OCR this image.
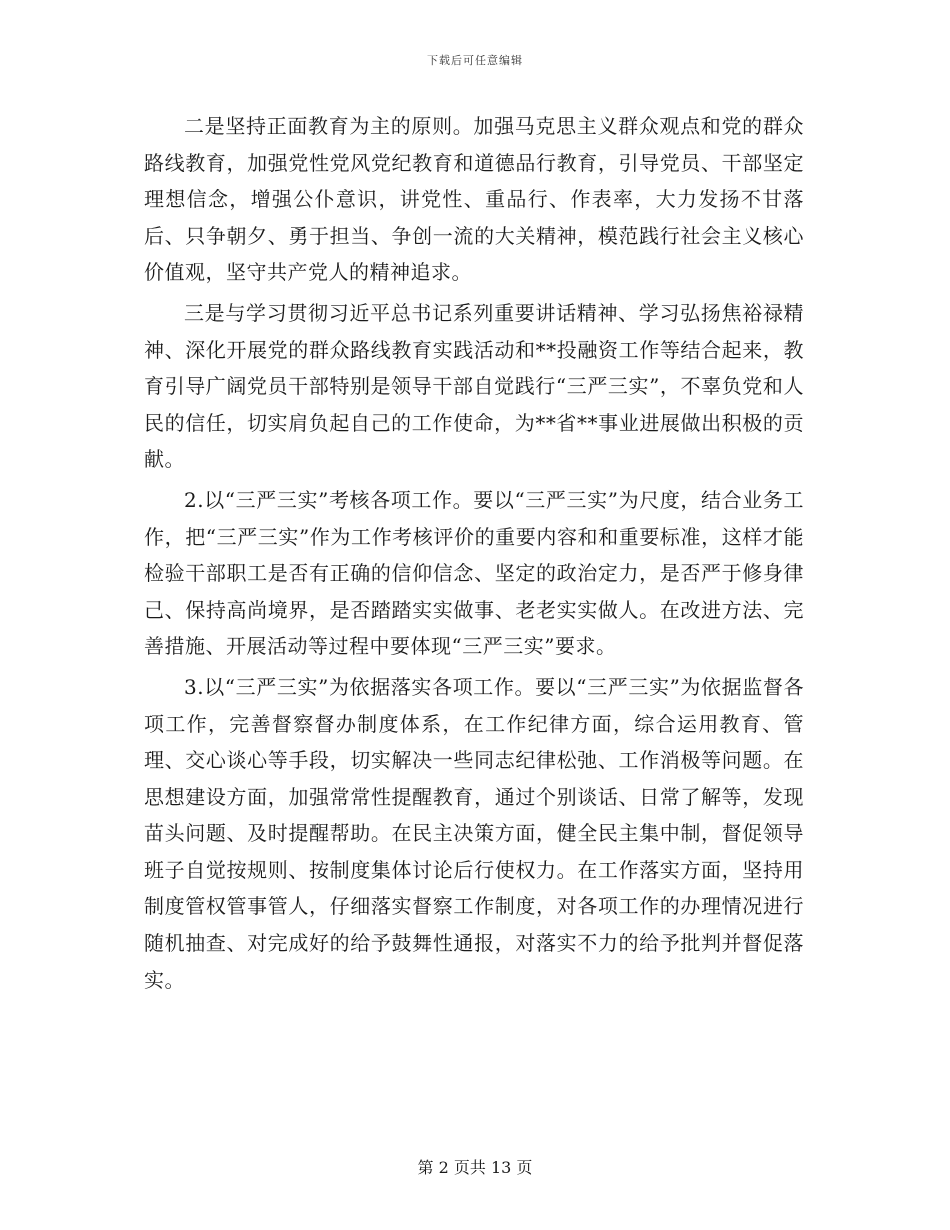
下载后可任意编辑

二是坚持正面教育为主的原则。加强马克思主义群众观点和党的群众路线教育，加强党性党风党纪教育和道德品行教育，引导党员、干部坚定理想信念，增强公仆意识，讲党性、重品行、作表率，大力发扬不甘落后、只争朝夕、勇于担当、争创一流的大关精神，模范践行社会主义核心价值观，坚守共产党人的精神追求。

三是与学习贯彻习近平总书记系列重要讲话精神、学习弘扬焦裕禄精神、深化开展党的群众路线教育实践活动和**投融资工作等结合起来，教育引导广阔党员干部特别是领导干部自觉践行“三严三实”，不辜负党和人民的信任，切实肩负起自己的工作使命，为**省**事业进展做出积极的贡献。

2.以“三严三实”考核各项工作。要以“三严三实”为尺度，结合业务工作，把“三严三实”作为工作考核评价的重要内容和和重要标准，这样才能检验干部职工是否有正确的信仰信念、坚定的政治定力，是否严于修身律己、保持高尚境界，是否踏踏实实做事、老老实实做人。在改进方法、完善措施、开展活动等过程中要体现“三严三实”要求。

3.以“三严三实”为依据落实各项工作。要以“三严三实”为依据监督各项工作，完善督察督办制度体系，在工作纪律方面，综合运用教育、管理、交心谈心等手段，切实解决一些同志纪律松弛、工作消极等问题。在思想建设方面，加强常常性提醒教育，通过个别谈话、日常了解等，发现苗头问题、及时提醒帮助。在民主决策方面，健全民主集中制，督促领导班子自觉按规则、按制度集体讨论后行使权力。在工作落实方面，坚持用制度管权管事管人，仔细落实督察工作制度，对各项工作的办理情况进行随机抽查、对完成好的给予鼓舞性通报，对落实不力的给予批判并督促落实。

第 2 页共 13 页
